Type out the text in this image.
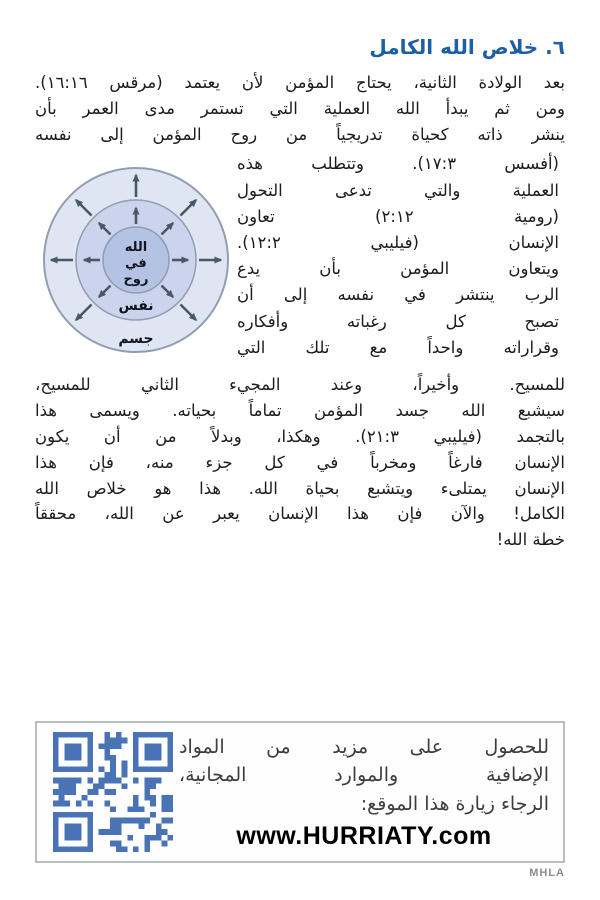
٦. خلاص الله الكامل
بعد الولادة الثانية، يحتاج المؤمن لأن يعتمد (مرقس ١٦:١٦).
ومن ثم يبدأ الله العملية التي تستمر مدى العمر بأن
ينشر ذاته كحياة تدريجياً من روح المؤمن إلى نفسه
الله
في
روح
نفس
جسم
(أفسس ١٧:٣). وتتطلب هذه
العملية والتي تدعى التحول
(رومية ٢:١٢) تعاون
الإنسان (فيليبي ١٢:٢).
ويتعاون المؤمن بأن يدع
الرب ينتشر في نفسه إلى أن
تصبح كل رغباته وأفكاره
وقراراته واحداً مع تلك التي
للمسيح. وأخيراً، وعند المجيء الثاني للمسيح،
سيشبع الله جسد المؤمن تماماً بحياته. ويسمى هذا
بالتجمد (فيليبي ٢١:٣). وهكذا، وبدلاً من أن يكون
الإنسان فارغاً ومخرباً في كل جزء منه، فإن هذا
الإنسان يمتلىء ويتشبع بحياة الله. هذا هو خلاص الله
الكامل! والآن فإن هذا الإنسان يعبر عن الله، محققاً
خطة الله!
للحصول على مزيد من المواد
الإضافية والموارد المجانية،
الرجاء زيارة هذا الموقع:
www.HURRIATY.com
MHLA
